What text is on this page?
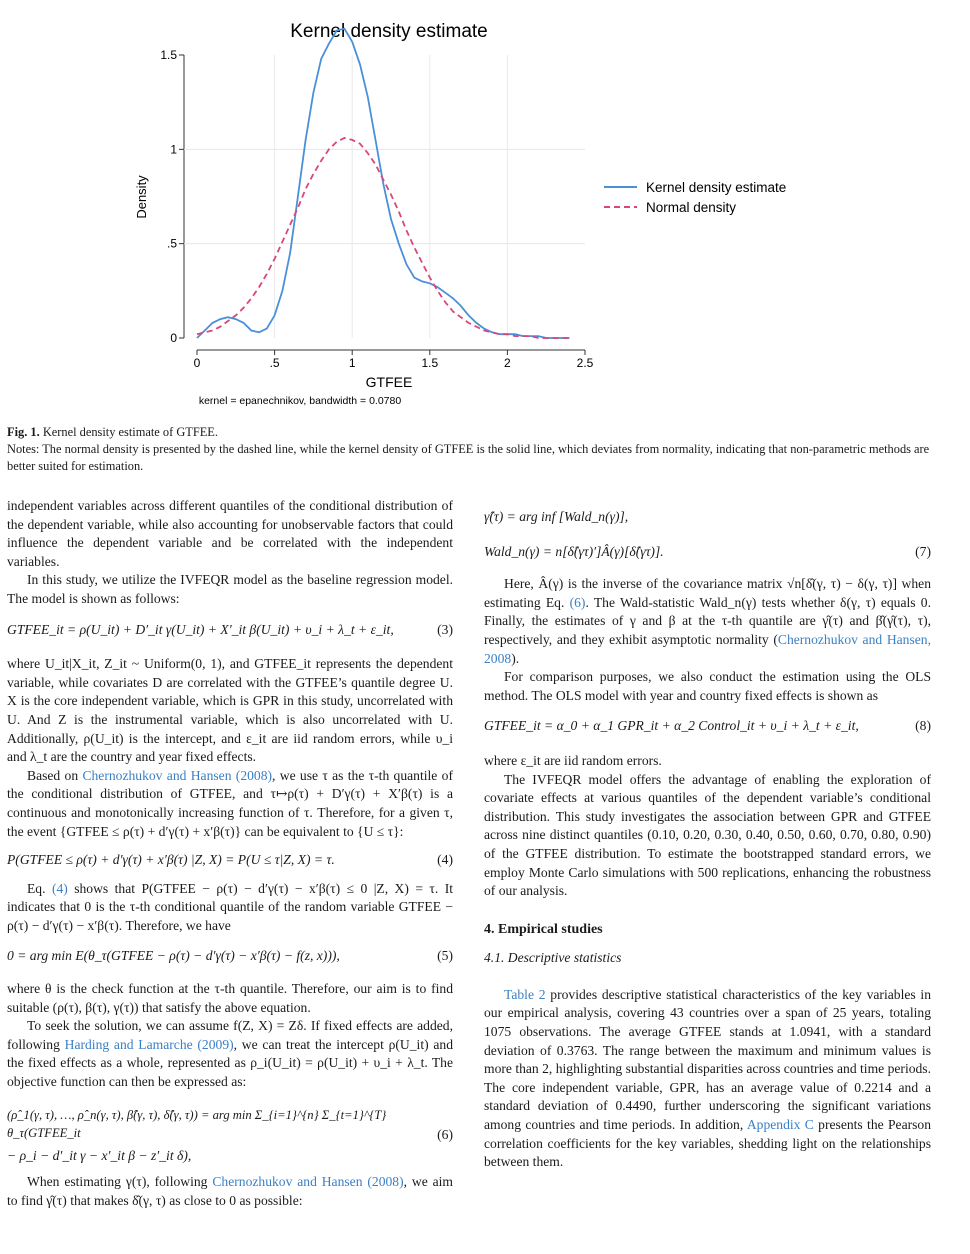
Kernel density estimate
Density
GTFEE
kernel = epanechnikov, bandwidth = 0.0780
0
.5
1
1.5
0	.5	1	1.5	2	2.5
Kernel density estimate
Normal density
Fig. 1. Kernel density estimate of GTFEE.
Notes: The normal density is presented by the dashed line, while the kernel density of GTFEE is the solid line, which deviates from normality, indicating that non-parametric methods are better suited for estimation.

independent variables across different quantiles of the conditional distribution of the dependent variable, while also accounting for unobservable factors that could influence the dependent variable and be correlated with the independent variables.

In this study, we utilize the IVFEQR model as the baseline regression model. The model is shown as follows:

GTFEE_it = ρ(U_it) + D′_it γ(U_it) + X′_it β(U_it) + υ_i + λ_t + ε_it,	(3)

where U_it|X_it, Z_it ~ Uniform(0, 1), and GTFEE_it represents the dependent variable, while covariates D are correlated with the GTFEE’s quantile degree U. X is the core independent variable, which is GPR in this study, uncorrelated with U. And Z is the instrumental variable, which is also uncorrelated with U. Additionally, ρ(U_it) is the intercept, and ε_it are iid random errors, while υ_i and λ_t are the country and year fixed effects.

Based on Chernozhukov and Hansen (2008), we use τ as the τ-th quantile of the conditional distribution of GTFEE, and τ↦ρ(τ) + D′γ(τ) + X′β(τ) is a continuous and monotonically increasing function of τ. Therefore, for a given τ, the event {GTFEE ≤ ρ(τ) + d′γ(τ) + x′β(τ)} can be equivalent to {U ≤ τ}:

P(GTFEE ≤ ρ(τ) + d′γ(τ) + x′β(τ) |Z, X) = P(U ≤ τ|Z, X) = τ.	(4)

Eq. (4) shows that P(GTFEE − ρ(τ) − d′γ(τ) − x′β(τ) ≤ 0 |Z, X) = τ. It indicates that 0 is the τ-th conditional quantile of the random variable GTFEE − ρ(τ) − d′γ(τ) − x′β(τ). Therefore, we have

0 = arg min E(θ_τ(GTFEE − ρ(τ) − d′γ(τ) − x′β(τ) − f(z, x))),	(5)

where θ is the check function at the τ-th quantile. Therefore, our aim is to find suitable (ρ(τ), β(τ), γ(τ)) that satisfy the above equation.

To seek the solution, we can assume f(Z, X) = Zδ. If fixed effects are added, following Harding and Lamarche (2009), we can treat the intercept ρ(U_it) and the fixed effects as a whole, represented as ρ_i(U_it) = ρ(U_it) + υ_i + λ_t. The objective function can then be expressed as:

(ρ̂_1(γ, τ), …, ρ̂_n(γ, τ), β̂(γ, τ), δ̂(γ, τ)) = arg min Σ_{i=1}^{n} Σ_{t=1}^{T} θ_τ(GTFEE_it
− ρ_i − d′_it γ − x′_it β − z′_it δ),
(6)

When estimating γ(τ), following Chernozhukov and Hansen (2008), we aim to find γ̂(τ) that makes δ̂(γ, τ) as close to 0 as possible:

γ̂(τ) = arg inf [Wald_n(γ)],
Wald_n(γ) = n[δ̂(γτ)′]Â(γ)[δ̂(γτ)].	(7)

Here, Â(γ) is the inverse of the covariance matrix √n[δ̂(γ, τ) − δ(γ, τ)] when estimating Eq. (6). The Wald-statistic Wald_n(γ) tests whether δ(γ, τ) equals 0. Finally, the estimates of γ and β at the τ-th quantile are γ̂(τ) and β̂(γ̂(τ), τ), respectively, and they exhibit asymptotic normality (Chernozhukov and Hansen, 2008).

For comparison purposes, we also conduct the estimation using the OLS method. The OLS model with year and country fixed effects is shown as

GTFEE_it = α_0 + α_1 GPR_it + α_2 Control_it + υ_i + λ_t + ε_it,	(8)

where ε_it are iid random errors.

The IVFEQR model offers the advantage of enabling the exploration of covariate effects at various quantiles of the dependent variable’s conditional distribution. This study investigates the association between GPR and GTFEE across nine distinct quantiles (0.10, 0.20, 0.30, 0.40, 0.50, 0.60, 0.70, 0.80, 0.90) of the GTFEE distribution. To estimate the bootstrapped standard errors, we employ Monte Carlo simulations with 500 replications, enhancing the robustness of our analysis.

4. Empirical studies
4.1. Descriptive statistics

Table 2 provides descriptive statistical characteristics of the key variables in our empirical analysis, covering 43 countries over a span of 25 years, totaling 1075 observations. The average GTFEE stands at 1.0941, with a standard deviation of 0.3763. The range between the maximum and minimum values is more than 2, highlighting substantial disparities across countries and time periods. The core independent variable, GPR, has an average value of 0.2214 and a standard deviation of 0.4490, further underscoring the significant variations among countries and time periods. In addition, Appendix C presents the Pearson correlation coefficients for the key variables, shedding light on the relationships between them.
